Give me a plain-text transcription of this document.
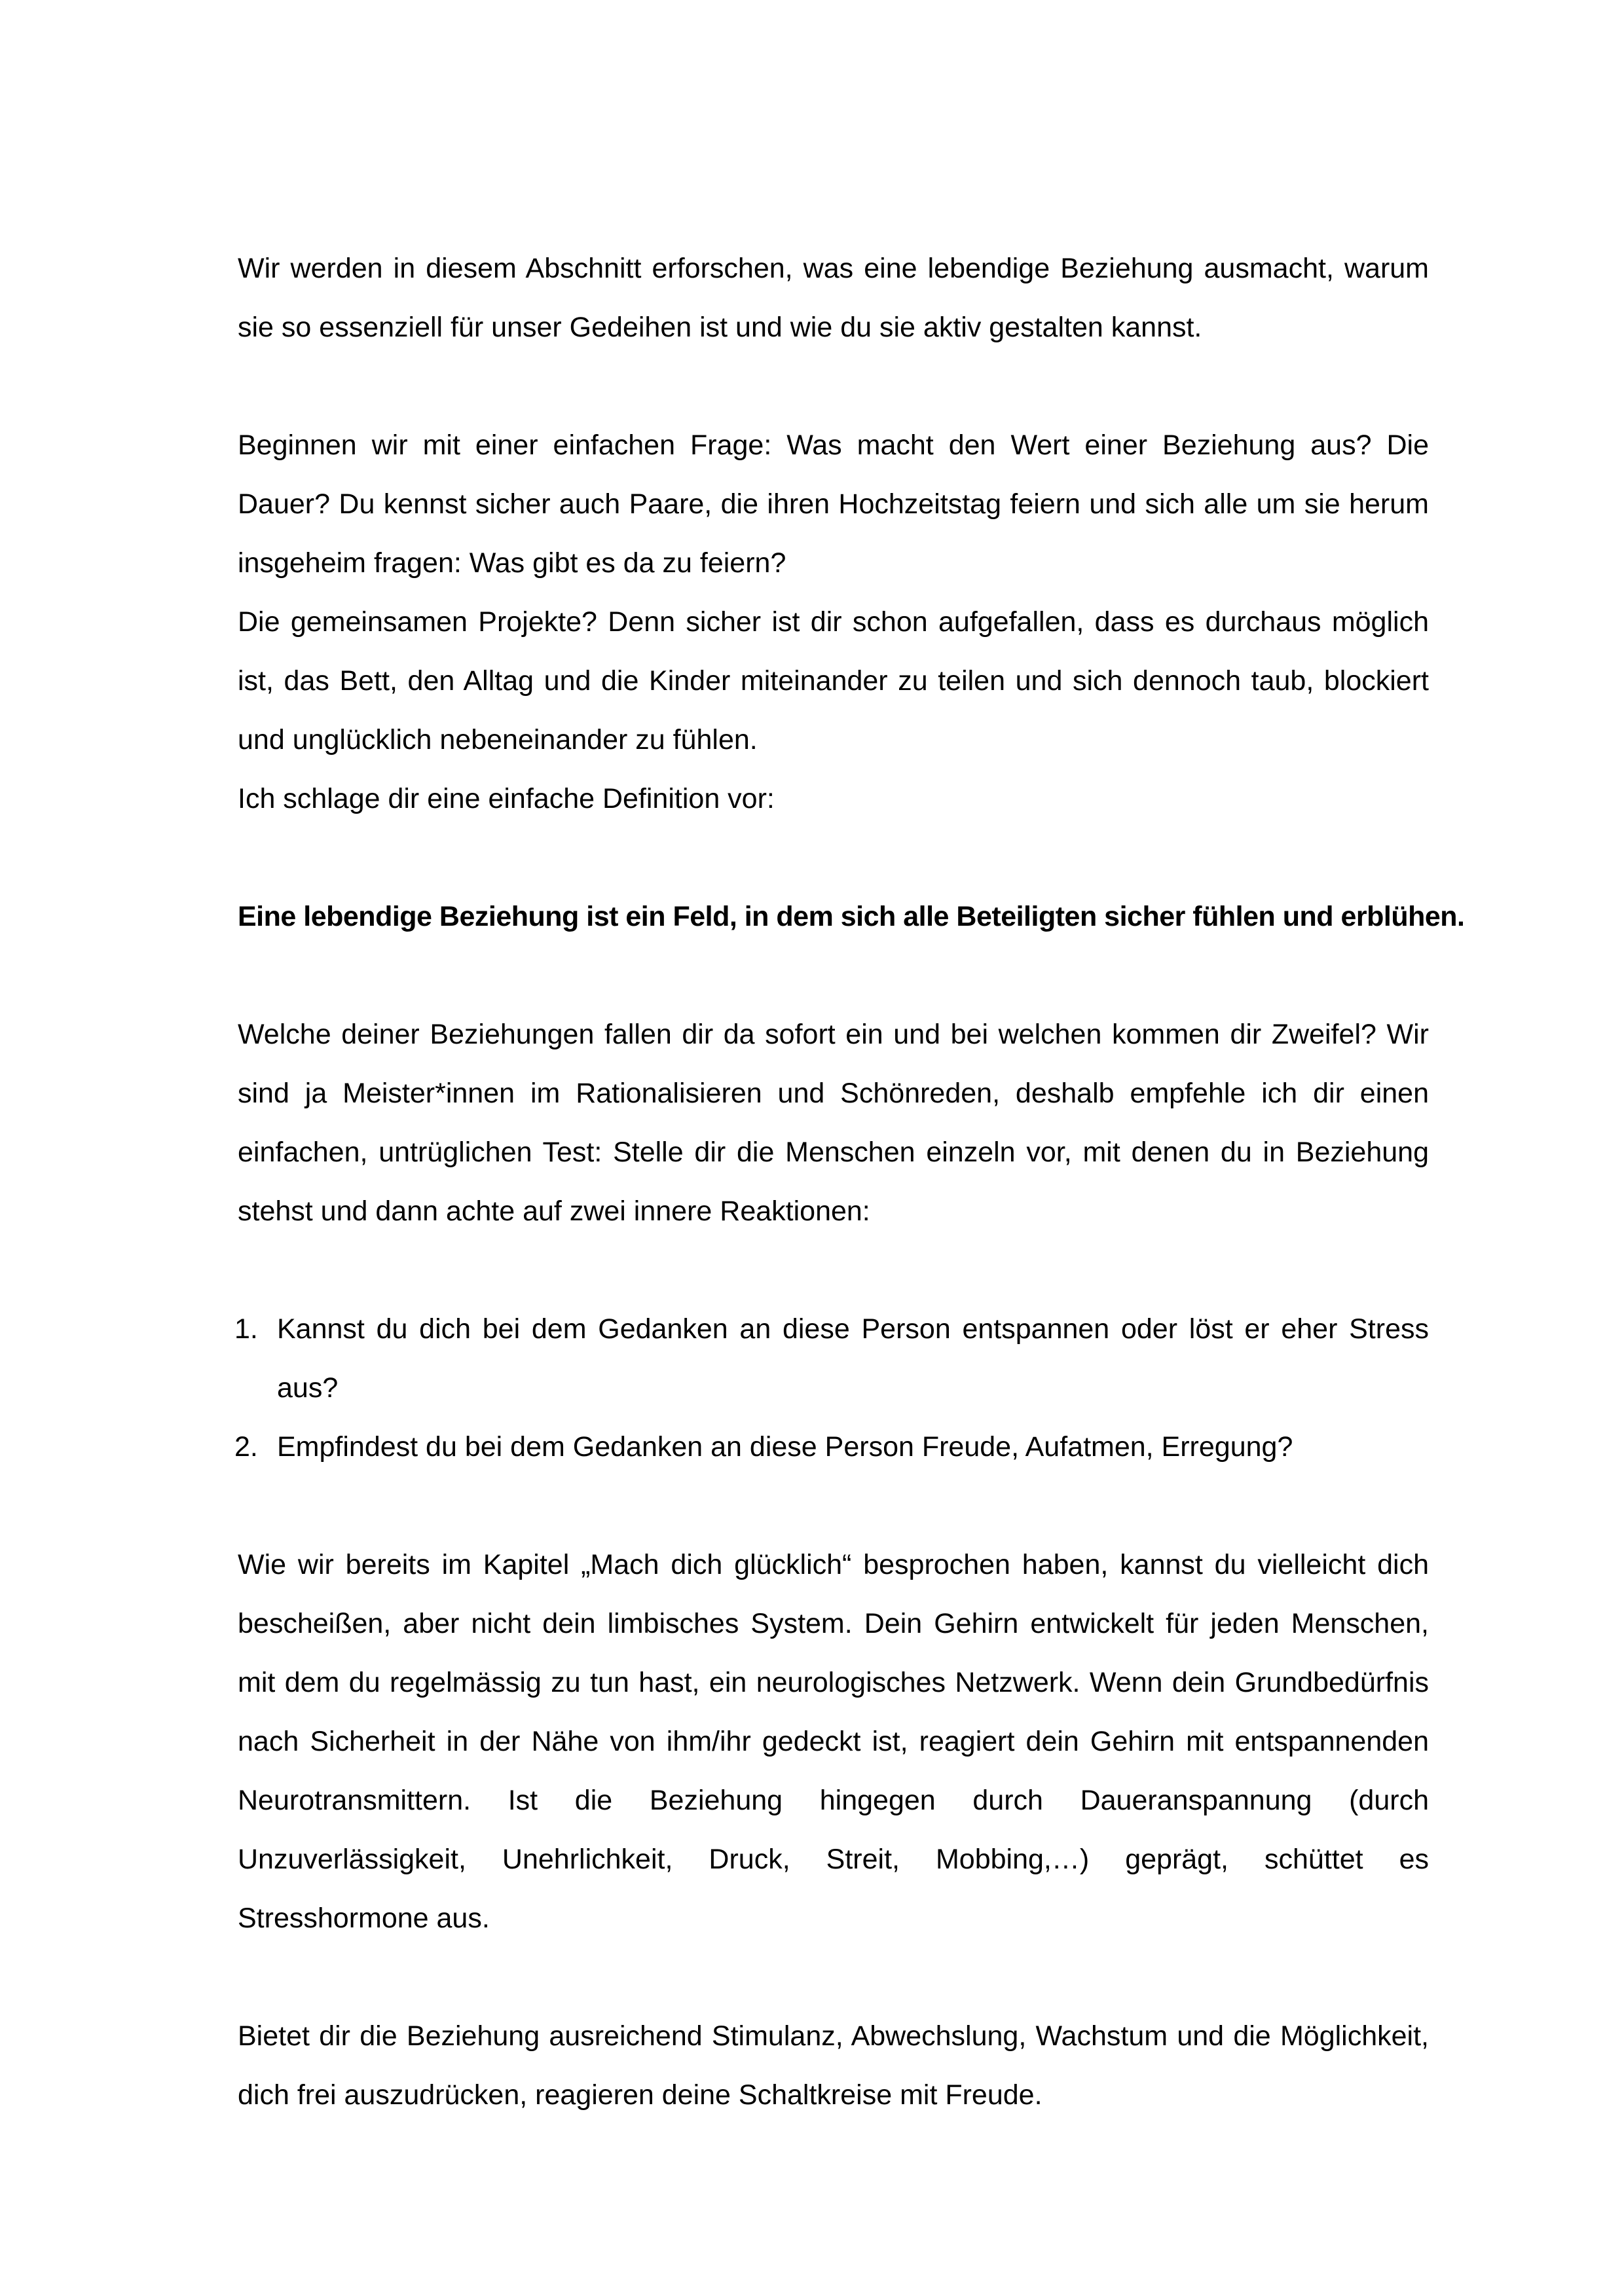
Wir werden in diesem Abschnitt erforschen, was eine lebendige Beziehung ausmacht, warum sie so essenziell für unser Gedeihen ist und wie du sie aktiv gestalten kannst.

Beginnen wir mit einer einfachen Frage: Was macht den Wert einer Beziehung aus? Die Dauer? Du kennst sicher auch Paare, die ihren Hochzeitstag feiern und sich alle um sie herum insgeheim fragen: Was gibt es da zu feiern?

Die gemeinsamen Projekte? Denn sicher ist dir schon aufgefallen, dass es durchaus möglich ist, das Bett, den Alltag und die Kinder miteinander zu teilen und sich dennoch taub, blockiert und unglücklich nebeneinander zu fühlen.

Ich schlage dir eine einfache Definition vor:

Eine lebendige Beziehung ist ein Feld, in dem sich alle Beteiligten sicher fühlen und erblühen.

Welche deiner Beziehungen fallen dir da sofort ein und bei welchen kommen dir Zweifel? Wir sind ja Meister*innen im Rationalisieren und Schönreden, deshalb empfehle ich dir einen einfachen, untrüglichen Test: Stelle dir die Menschen einzeln vor, mit denen du in Beziehung stehst und dann achte auf zwei innere Reaktionen:

1. Kannst du dich bei dem Gedanken an diese Person entspannen oder löst er eher Stress aus?
2. Empfindest du bei dem Gedanken an diese Person Freude, Aufatmen, Erregung?

Wie wir bereits im Kapitel „Mach dich glücklich“ besprochen haben, kannst du vielleicht dich bescheißen, aber nicht dein limbisches System. Dein Gehirn entwickelt für jeden Menschen, mit dem du regelmässig zu tun hast, ein neurologisches Netzwerk. Wenn dein Grundbedürfnis nach Sicherheit in der Nähe von ihm/ihr gedeckt ist, reagiert dein Gehirn mit entspannenden Neurotransmittern. Ist die Beziehung hingegen durch Daueranspannung (durch Unzuverlässigkeit, Unehrlichkeit, Druck, Streit, Mobbing,…) geprägt, schüttet es Stresshormone aus.

Bietet dir die Beziehung ausreichend Stimulanz, Abwechslung, Wachstum und die Möglichkeit, dich frei auszudrücken, reagieren deine Schaltkreise mit Freude.
